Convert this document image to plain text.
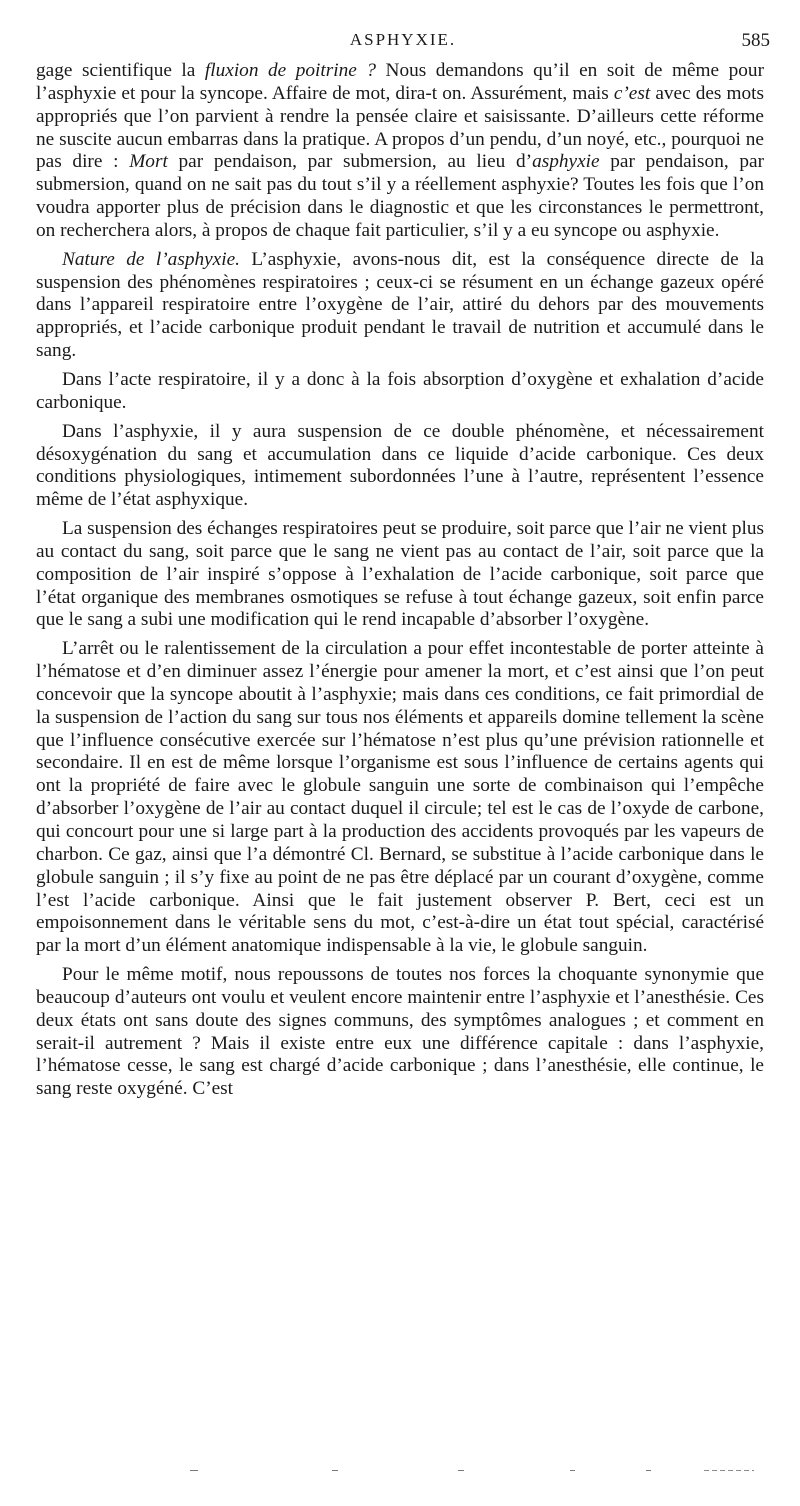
ASPHYXIE.	585

gage scientifique la fluxion de poitrine ? Nous demandons qu’il en soit de même pour l’asphyxie et pour la syncope. Affaire de mot, dira-t on. Assurément, mais c’est avec des mots appropriés que l’on parvient à rendre la pensée claire et saisissante. D’ailleurs cette réforme ne suscite aucun embarras dans la pratique. A propos d’un pendu, d’un noyé, etc., pourquoi ne pas dire : Mort par pendaison, par submersion, au lieu d’asphyxie par pendaison, par submersion, quand on ne sait pas du tout s’il y a réellement asphyxie? Toutes les fois que l’on voudra apporter plus de précision dans le diagnostic et que les circonstances le permettront, on recherchera alors, à propos de chaque fait particulier, s’il y a eu syncope ou asphyxie.

Nature de l’asphyxie. L’asphyxie, avons-nous dit, est la conséquence directe de la suspension des phénomènes respiratoires ; ceux-ci se résument en un échange gazeux opéré dans l’appareil respiratoire entre l’oxygène de l’air, attiré du dehors par des mouvements appropriés, et l’acide carbonique produit pendant le travail de nutrition et accumulé dans le sang.

Dans l’acte respiratoire, il y a donc à la fois absorption d’oxygène et exhalation d’acide carbonique.

Dans l’asphyxie, il y aura suspension de ce double phénomène, et nécessairement désoxygénation du sang et accumulation dans ce liquide d’acide carbonique. Ces deux conditions physiologiques, intimement subordonnées l’une à l’autre, représentent l’essence même de l’état asphyxique.

La suspension des échanges respiratoires peut se produire, soit parce que l’air ne vient plus au contact du sang, soit parce que le sang ne vient pas au contact de l’air, soit parce que la composition de l’air inspiré s’oppose à l’exhalation de l’acide carbonique, soit parce que l’état organique des membranes osmotiques se refuse à tout échange gazeux, soit enfin parce que le sang a subi une modification qui le rend incapable d’absorber l’oxygène.

L’arrêt ou le ralentissement de la circulation a pour effet incontestable de porter atteinte à l’hématose et d’en diminuer assez l’énergie pour amener la mort, et c’est ainsi que l’on peut concevoir que la syncope aboutit à l’asphyxie; mais dans ces conditions, ce fait primordial de la suspension de l’action du sang sur tous nos éléments et appareils domine tellement la scène que l’influence consécutive exercée sur l’hématose n’est plus qu’une prévision rationnelle et secondaire. Il en est de même lorsque l’organisme est sous l’influence de certains agents qui ont la propriété de faire avec le globule sanguin une sorte de combinaison qui l’empêche d’absorber l’oxygène de l’air au contact duquel il circule; tel est le cas de l’oxyde de carbone, qui concourt pour une si large part à la production des accidents provoqués par les vapeurs de charbon. Ce gaz, ainsi que l’a démontré Cl. Bernard, se substitue à l’acide carbonique dans le globule sanguin ; il s’y fixe au point de ne pas être déplacé par un courant d’oxygène, comme l’est l’acide carbonique. Ainsi que le fait justement observer P. Bert, ceci est un empoisonnement dans le véritable sens du mot, c’est-à-dire un état tout spécial, caractérisé par la mort d’un élément anatomique indispensable à la vie, le globule sanguin.

Pour le même motif, nous repoussons de toutes nos forces la choquante synonymie que beaucoup d’auteurs ont voulu et veulent encore maintenir entre l’asphyxie et l’anesthésie. Ces deux états ont sans doute des signes communs, des symptômes analogues ; et comment en serait-il autrement ? Mais il existe entre eux une différence capitale : dans l’asphyxie, l’hématose cesse, le sang est chargé d’acide carbonique ; dans l’anesthésie, elle continue, le sang reste oxygéné. C’est
